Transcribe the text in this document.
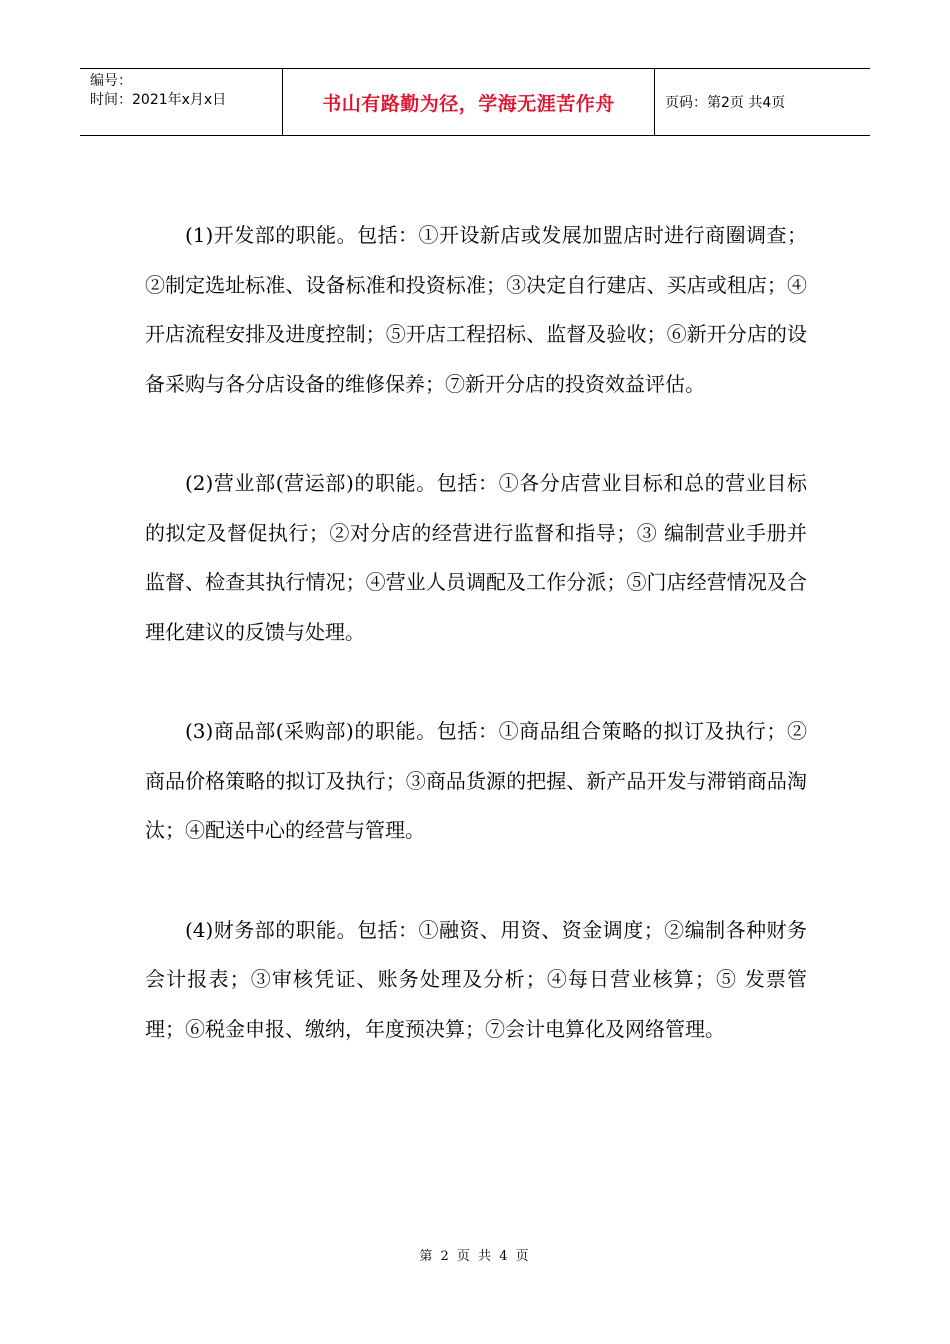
编号：
时间：2021年x月x日	书山有路勤为径，学海无涯苦作舟	页码：第2页 共4页

(1)开发部的职能。包括：①开设新店或发展加盟店时进行商圈调查；②制定选址标准、设备标准和投资标准；③决定自行建店、买店或租店；④开店流程安排及进度控制；⑤开店工程招标、监督及验收；⑥新开分店的设备采购与各分店设备的维修保养；⑦新开分店的投资效益评估。

(2)营业部(营运部)的职能。包括：①各分店营业目标和总的营业目标的拟定及督促执行；②对分店的经营进行监督和指导；③ 编制营业手册并监督、检查其执行情况；④营业人员调配及工作分派；⑤门店经营情况及合理化建议的反馈与处理。

(3)商品部(采购部)的职能。包括：①商品组合策略的拟订及执行；②商品价格策略的拟订及执行；③商品货源的把握、新产品开发与滞销商品淘汰；④配送中心的经营与管理。

(4)财务部的职能。包括：①融资、用资、资金调度；②编制各种财务会计报表；③审核凭证、账务处理及分析；④每日营业核算；⑤ 发票管理；⑥税金申报、缴纳，年度预决算；⑦会计电算化及网络管理。

第 2 页 共 4 页
